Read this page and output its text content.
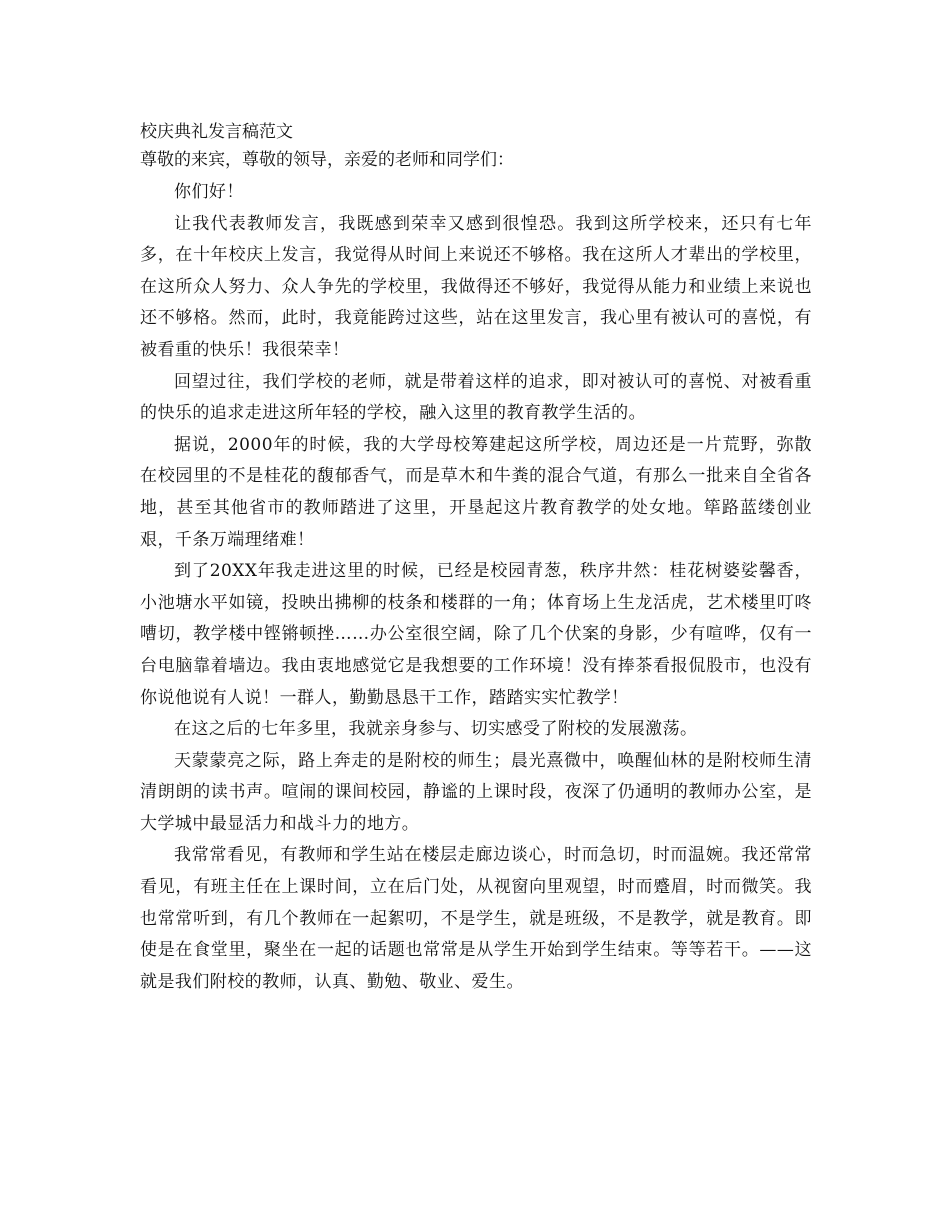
校庆典礼发言稿范文

尊敬的来宾，尊敬的领导，亲爱的老师和同学们：

你们好！

让我代表教师发言，我既感到荣幸又感到很惶恐。我到这所学校来，还只有七年多，在十年校庆上发言，我觉得从时间上来说还不够格。我在这所人才辈出的学校里，在这所众人努力、众人争先的学校里，我做得还不够好，我觉得从能力和业绩上来说也还不够格。然而，此时，我竟能跨过这些，站在这里发言，我心里有被认可的喜悦，有被看重的快乐！我很荣幸！

回望过往，我们学校的老师，就是带着这样的追求，即对被认可的喜悦、对被看重的快乐的追求走进这所年轻的学校，融入这里的教育教学生活的。

据说，2000年的时候，我的大学母校筹建起这所学校，周边还是一片荒野，弥散在校园里的不是桂花的馥郁香气，而是草木和牛粪的混合气道，有那么一批来自全省各地，甚至其他省市的教师踏进了这里，开垦起这片教育教学的处女地。筚路蓝缕创业艰，千条万端理绪难！

到了20XX年我走进这里的时候，已经是校园青葱，秩序井然：桂花树婆娑馨香，小池塘水平如镜，投映出拂柳的枝条和楼群的一角；体育场上生龙活虎，艺术楼里叮咚嘈切，教学楼中铿锵顿挫……办公室很空阔，除了几个伏案的身影，少有喧哗，仅有一台电脑靠着墙边。我由衷地感觉它是我想要的工作环境！没有捧茶看报侃股市，也没有你说他说有人说！一群人，勤勤恳恳干工作，踏踏实实忙教学！

在这之后的七年多里，我就亲身参与、切实感受了附校的发展激荡。

天蒙蒙亮之际，路上奔走的是附校的师生；晨光熹微中，唤醒仙林的是附校师生清清朗朗的读书声。喧闹的课间校园，静谧的上课时段，夜深了仍通明的教师办公室，是大学城中最显活力和战斗力的地方。

我常常看见，有教师和学生站在楼层走廊边谈心，时而急切，时而温婉。我还常常看见，有班主任在上课时间，立在后门处，从视窗向里观望，时而蹙眉，时而微笑。我也常常听到，有几个教师在一起絮叨，不是学生，就是班级，不是教学，就是教育。即使是在食堂里，聚坐在一起的话题也常常是从学生开始到学生结束。等等若干。——这就是我们附校的教师，认真、勤勉、敬业、爱生。
